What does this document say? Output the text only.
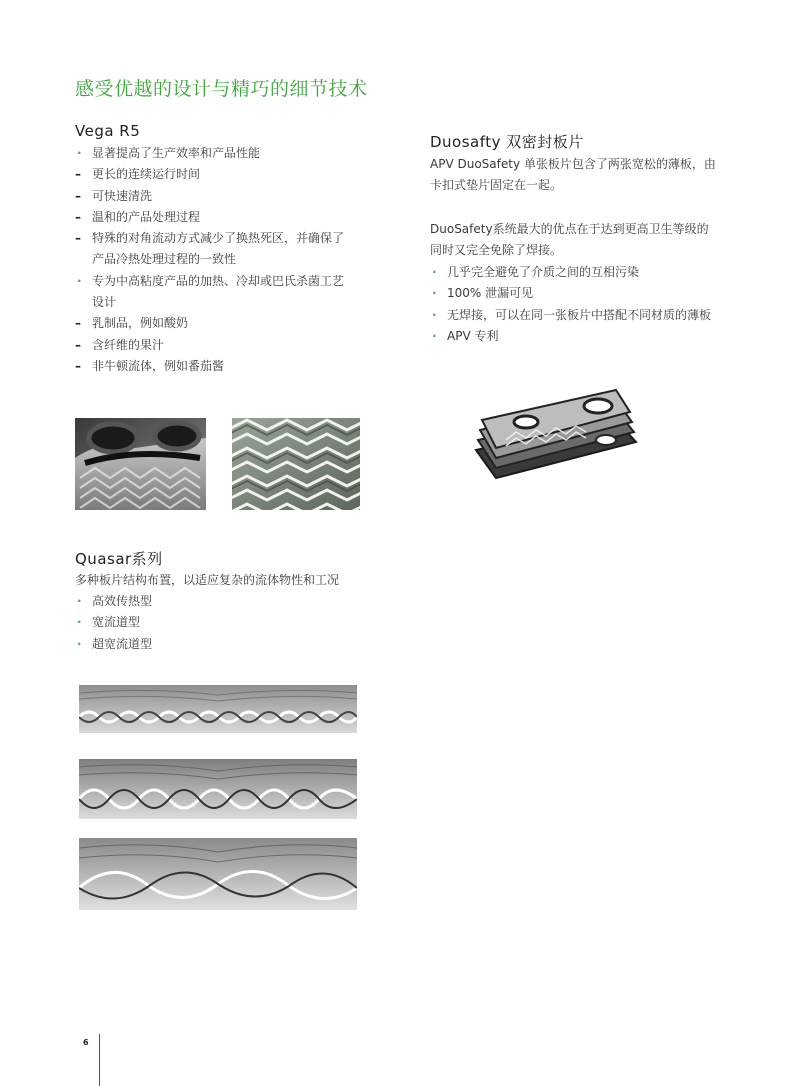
感受优越的设计与精巧的细节技术
Vega R5
· 显著提高了生产效率和产品性能
– 更长的连续运行时间
– 可快速清洗
– 温和的产品处理过程
– 特殊的对角流动方式减少了换热死区，并确保了
产品冷热处理过程的一致性
· 专为中高粘度产品的加热、冷却或巴氏杀菌工艺
设计
– 乳制品，例如酸奶
– 含纤维的果汁
– 非牛顿流体，例如番茄酱
Quasar系列
多种板片结构布置，以适应复杂的流体物性和工况
· 高效传热型
· 宽流道型
· 超宽流道型
Duosafty 双密封板片
APV DuoSafety 单张板片包含了两张宽松的薄板，由
卡扣式垫片固定在一起。
DuoSafety系统最大的优点在于达到更高卫生等级的
同时又完全免除了焊接。
· 几乎完全避免了介质之间的互相污染
· 100% 泄漏可见
· 无焊接，可以在同一张板片中搭配不同材质的薄板
· APV 专利
6
